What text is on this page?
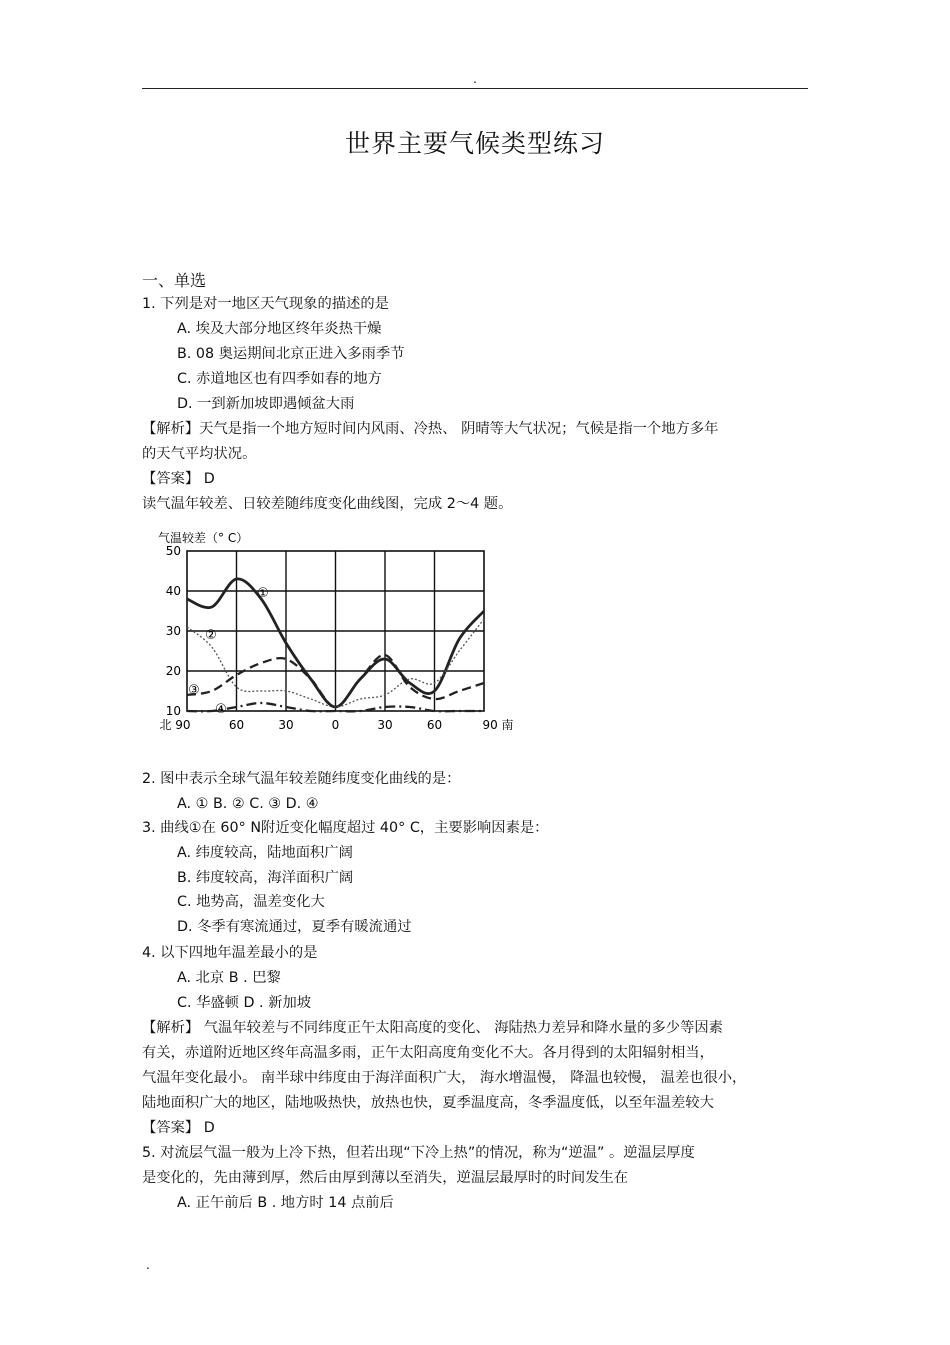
.
世界主要气候类型练习
一、单选
1. 下列是对一地区天气现象的描述的是
A. 埃及大部分地区终年炎热干燥
B. 08 奥运期间北京正进入多雨季节
C. 赤道地区也有四季如春的地方
D. 一到新加坡即遇倾盆大雨
【解析】天气是指一个地方短时间内风雨、冷热、 阴晴等大气状况；气候是指一个地方多年
的天气平均状况。
【答案】 D
读气温年较差、日较差随纬度变化曲线图，完成 2～4 题。
气温较差（° C）
50
40
30
20
10
北 90	60	30	0	30	60	90 南
①
②
③
④
2. 图中表示全球气温年较差随纬度变化曲线的是：
A. ① B. ② C. ③ D. ④
3. 曲线①在 60° N附近变化幅度超过 40° C，主要影响因素是：
A. 纬度较高，陆地面积广阔
B. 纬度较高，海洋面积广阔
C. 地势高，温差变化大
D. 冬季有寒流通过，夏季有暖流通过
4. 以下四地年温差最小的是
A. 北京 B . 巴黎
C. 华盛顿 D . 新加坡
【解析】 气温年较差与不同纬度正午太阳高度的变化、 海陆热力差异和降水量的多少等因素
有关，赤道附近地区终年高温多雨，正午太阳高度角变化不大。各月得到的太阳辐射相当，
气温年变化最小。 南半球中纬度由于海洋面积广大， 海水增温慢， 降温也较慢， 温差也很小，
陆地面积广大的地区，陆地吸热快，放热也快，夏季温度高，冬季温度低，以至年温差较大
【答案】 D
5. 对流层气温一般为上冷下热，但若出现“下冷上热”的情况，称为“逆温” 。逆温层厚度
是变化的，先由薄到厚，然后由厚到薄以至消失，逆温层最厚时的时间发生在
A. 正午前后 B . 地方时 14 点前后
.
